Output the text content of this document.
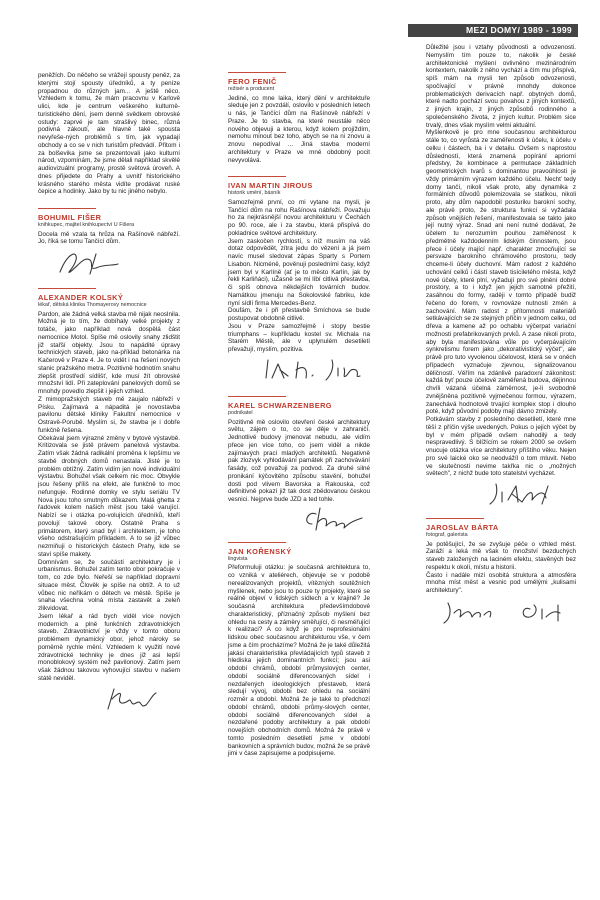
MEZI DOMY/ 1989 - 1999

peněžích. Do něčeho se vrážejí spousty peněz, za kterými stojí spousty úředníků, a ty peníze propadnou do různých jam... A ještě něco. Vzhledem k tomu, že mám pracovnu v Karlově ulici, kde je centrum veškerého kulturně-turistického dění, jsem denně svědkem obrovské ostudy: zaprvé je tam strašlivý binec, různá podivná zákoutí, ale hlavně také spousta nevyřeše-ných problémů s tím, jak vypadají obchody a co se v nich turistům předvádí. Přitom i za bolševika jsme se prezentovali jako kulturní národ, vzpomínám, že jsme dělali například skvělé audiovizuální programy, prostě světová úroveň. A dnes přijedete do Prahy a uvnitř historického krásného starého města vidíte prodávat ruské čepice a hodinky. Jako by tu nic jiného nebylo.

BOHUMIL FIŠER

knihkupec, majitel knihkupectví U Fišera

Docela mě vzala ta hrůza na Rašínově nábřeží. Jo, říká se tomu Tančící dům.

ALEXANDER KOLSKÝ

lékař, dětská klinika Thomayerovy nemocnice

Pardon, ale žádná velká stavba mě nijak neoslnila. Možná je to tím, že dobíhaly velké projekty z totáče, jako například nová dospělá část nemocnice Motol. Spíše mě oslovily snahy zlidštit již stařší objekty. Jsou to napádité úpravy technických staveb, jako na-příklad betonárka na Kačerově v Praze 4. Je to vidět i na řešení nových stanic pražského metra. Pozitivně hodnotím snahu zlepšit prostředí sídlišť, kde musí žít obrovské množství lidí. Při zateplování panelových domů se mnohdy povedlo zlepšit i jejich vzhled.

Z mimopražských staveb mě zaujalo nábřeží v Písku. Zajímavá a nápaditá je novostavba pavilonu dětské kliniky Fakultní nemocnice v Ostravě-Porubě. Myslím si, že stavba je i dobře funkčně řešena.

Očekával jsem výrazné změny v bytové výstavbě. Kritizovala se jistě právem panelová výstavba. Zatím však žádná radikální proměna k lepšímu ve stavbě drobných domů nenastala. Jisté je to problém obtížný. Zatím vidím jen nové individuální výstavbu. Bohužel však celkem nic moc. Obvykle jsou řešeny příliš na efekt, ale funkčně to moc nefunguje. Rodinné domky ve stylu seriálu TV Nova jsou toho smutným důkazem. Malá ghetta z řadovek kolem našich měst jsou také varující. Nabízí se i otázka po-volujících úředníků, kteří povolují takové obory. Ostatně Praha s primátorem, který snad byl i architektem, je toho všeho odstrašujícím příkladem. A to se již vůbec nezmiňuji o historických částech Prahy, kde se staví spíše makety.

Domnívám se, že součástí architektury je i urbanismus. Bohužel zatím tento obor pokračuje v tom, co zde bylo. Neřeší se například dopravní situace měst. Člověk je spíše na obtíž. A to už vůbec nic neříkám o dětech ve městě. Spíše je snaha všechna volná místa zastavět a zeleň zlikvidovat.

Jsem lékař a rád bych viděl více nových moderních a plně funkčních zdravotnických staveb. Zdravotnictví je vždy v tomto oboru problémem dynamický obor, jehož nároky se poměrně rychle mění. Vzhledem k využití nové zdravotnické techniky je dnes již asi lepší monoblokový systém než pavilonový. Zatím jsem však žádnou takovou vyhovující stavbu v našem státě neviděl.

FERO FENIČ

režisér a producent

Jediné, co mne laika, který dění v architektuře sleduje jen z povzdálí, oslovilo v posledních letech u nás, je Tančící dům na Rašínově nábřeží v Praze. Je to stavba, na které neustále něco nového objevuji a kterou, když kolem projíždím, nemohu minout bez toho, abych se na ni znovu a znovu nepodíval ... Jiná stavba moderní architektury v Praze ve mně obdobný pocit nevyvolává.

IVAN MARTIN JIROUS

historik umění, básník

Samozřejmě první, co mi vytane na mysli, je Tančící dům na rohu Rašínova nábřeží. Považuju ho za nejkrásnější novou architekturu v Čechách po 90. roce, ale i za stavbu, která přispívá do pokladnice světové architektury.

Jsem zaskočen rychlostí, s níž musím na váš dotaz odpovědět, zítra jedu do vězení a já jsem navíc musel sledovat zápas Sparty s Portem Lisabon. Nicméně, pověnuji posledními časy, když jsem byl v Karlíně (ať je to město Karlín, jak by řekli Karliňáci), uŽasně se mi líbí citlivá přestavba, či spíš obnova někdejších továrních budov. Namátkou jmenuju na Sokolovské fabriku, kde nyní sídlí firma Mercedes-Benz.

Doufám, že i při přestavbě Smíchova se bude postupovat obdobně citlivě.

Jsou v Praze samozřejmě i stopy bestie triumphans – kupříkladu kostel sv. Michala na Starém Městě, ale v uplynulém desetiletí převažují, myslím, pozitiva.

KAREL SCHWARZENBERG

podnikatel

Pozitivně mě oslovilo otevření české architektury světu, zájem o to, co se děje v zahraničí. Jednotlivé budovy jmenovat nebudu, ale vidím přece jen více toho, co jsem viděl a nikde zajímavých prací mladých architektů. Negativně pak zlozvyk vyhlodávání památek při zachovávání fasády, což považuji za podvod. Za druhé silné pronikání kýčovitého způsobu stavění, bohužel dosti pod vlivem Bavorska a Rakouska, což definitivně pokazí již tak dost zbědovanou českou vesnici. Nejprve bude JZD a ted tohle.

JAN KOŘENSKÝ

lingvista

Přeformuluji otázku: je současná architektura to, co vzniká v ateliérech, objevuje se v podobě nerealizovaných projektů, vítězných soutěžních myšlenek, nebo jsou to pouze ty projekty, které se reálně objeví v lidských sídlech a v krajině? Je současná architektura předevšímdobové charakteristický, příznačný způsob myšlení bez ohledu na cesty a záměry směřující, či nesměřující k realizaci? A co když je pro neprofesionální lidskou obec současnou architekturou vše, v čem jsme a čím procházíme? Možná že je také důležitá jakási charakteristika převládajících typů staveb z hlediska jejich dominantních funkcí; jsou asi období chrámů, období průmyslových center, období sociálně diferencovaných sídel i nezdařených ideologických přestaveb, která sledují vývoj, obdobi bez ohledu na sociální rozměr a období. Možná že je také to předchozí období chrámů, obdobi průmy-slových center, období sociálně diferencovaných sídel a nezdařené podoby architektury a pak období novejších obchodních domů. Možná že právě v tomto posledním desetiletí jsme v období bankovních a správních budov, možná že se právě jimi v čase zapisujeme a podpisujeme.

Důležité jsou i vztahy původnosti a odvozenosti. Nemyslím tím pouze to, nakolik je české architektonické myšlení ovlivněno mezinárodním kontextem, nakolik z něho vychází a čím mu přispívá, spíš mám na mysli ten způsob odvozenosti, spočívající v právně mnohdy dokonce problematických derivacích např. obytných domů, které nadto pochází svou povahou z jiných kontextů, z jiných krajin, z jiných způsobů rodinného a společenského života, z jiných kultur. Problém sice trvalý, dnes však myslím velmi aktuální.

Myšlenkově je pro mne současnou architekturou stále to, co vyrůstá ze zaměřenosti k účelu, k účelu v celku i částech, ba i v detailu. Ovšem s naprostou důsledností, která znamená popírání apriorní předstvy, že kombinace a permutace základních geometrických tvarů s dominantou pravoúhlosti je vždy primárním výrazem každého účelu. Nechť tedy domy tančí, nikoli však proto, aby dynamika z formálních důvodů polemizovala se statikou, nikoli proto, aby dům napodobil posturiku barokní sochy, ale právě proto, že struktura funkcí si vyžádala způsob vnějších řešení, manifestovala se takto jako její nutný výraz. Snad ani není nutné dodávat, že účelem tu nerozumím pouhou zaměřenost k předmětně každodenním lidským činnostem, jsou přece i účely mající např. charakter zmocňující se persvaze barokního chrámového prostoru, tedy chceme-li účely duchovní. Mám radost z každého uchování celků i částí staveb tisíciletého města, když nové účely, které plní, vyžadují pro své plnění dobré prostory, a to i když jen jejich samotné přežití, zasáhnou do formy, raději v tomto případě budiž řečeno do forem, v rovnováze nutnosti změn a zachování. Mám radost z přítomnosti materiálů setkávajících se ze stejných příčin v jednom celku, od dřeva a kamene až po ochablu výčerpat variační možnosti prefabrikovaných prvků. A zase nikoli proto, aby byla manifestována vůle po vyčerpávajícím synkretismu forem jako „dekorativistický výčet", ale právě pro tuto vyvolenou účelovost, která se v oněch případech vyznačuje zjevnou, signalizovanou děličností. Věřím na zdánlivě paradoxní zákonitost: každá byť pouze účelově zaměřená budova, dějinnou chvíli vázaná účelná záměrnost, je-li svobodně zvnějšněna pozitivně vyjmečenou formou, výrazem, zanechává hodnotově trvající komplex stop i dlouho poté, když původní podoby mají dávno zmizely.

Potkávám stavby z posledního desetiletí, které mne těší z příčin výše uvedených. Pokus o jejich výčet by byl v mém případě ovšem nahodilý a tedy nespravedlivý. S blížícím se rokem 2000 se ovšem vnucuje otázka více architektury příštího věku. Nejen pro své laické oko se neodvážíl o tom mluvit. Nebo ve skutečnosti nevime takřka nic o „možných světech", z nichž bude toto statelstvi vycházet.

JAROSLAV BÁRTA

fotograf, galerista

Je potěšující, že se zvyšuje péče o vzhled měst. Zaráží a leká mě však to množství bezduchých staveb založených na laciném efektu, stavěných bez respektu k okolí, místu a historii.

Často i nadále mizí osobitá struktura a atmosféra mnoha míst měst a vesnic pod umělými „kulisami architektury".
